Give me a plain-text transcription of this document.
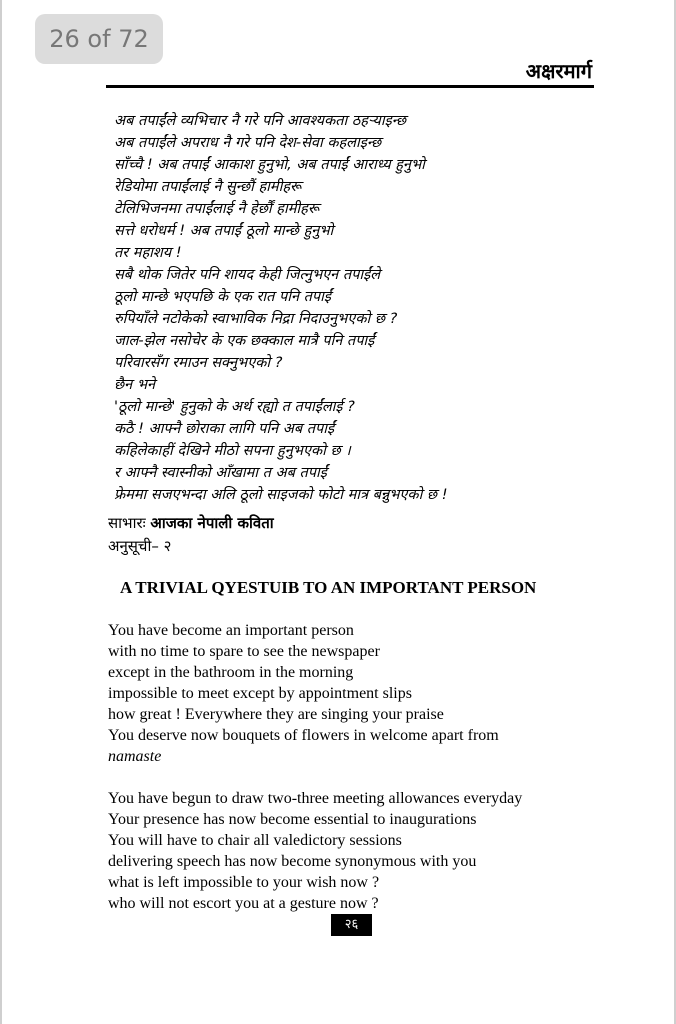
26 of 72
अक्षरमार्ग
अब तपाईंले व्यभिचार नै गरे पनि आवश्यकता ठहऱ्याइन्छ
अब तपाईंले अपराध नै गरे पनि देश-सेवा कहलाइन्छ
साँच्चै ! अब तपाईं आकाश हुनुभो, अब तपाईं आराध्य हुनुभो
रेडियोमा तपाईंलाई नै सुन्छौं हामीहरू
टेलिभिजनमा तपाईंलाई नै हेर्छौं हामीहरू
सत्ते धरोधर्म ! अब तपाईं ठूलो मान्छे हुनुभो
तर महाशय !
सबै थोक जितेर पनि शायद केही जित्नुभएन तपाईंले
ठूलो मान्छे भएपछि के एक रात पनि तपाईं
रुपियाँले नटोकेको स्वाभाविक निद्रा निदाउनुभएको छ ?
जाल-झेल नसोचेर के एक छक्काल मात्रै पनि तपाईं
परिवारसँग रमाउन सक्नुभएको ?
छैन भने
'ठूलो मान्छे' हुनुको के अर्थ रह्यो त तपाईंलाई ?
कठै ! आफ्नै छोराका लागि पनि अब तपाईं
कहिलेकाहीं देखिने मीठो सपना हुनुभएको छ ।
र आफ्नै स्वास्नीको आँखामा त अब तपाईं
फ्रेममा सजएभन्दा अलि ठूलो साइजको फोटो मात्र बन्नुभएको छ !
साभारः आजका नेपाली कविता
अनुसूची– २
A TRIVIAL QYESTUIB TO AN IMPORTANT PERSON
You have become an important person
with no time to spare to see the newspaper
except in the bathroom in the morning
impossible to meet except by appointment slips
how great ! Everywhere they are singing your praise
You deserve now bouquets of flowers in welcome apart from
namaste
You have begun to draw two-three meeting allowances everyday
Your presence has now become essential to inaugurations
You will have to chair all valedictory sessions
delivering speech has now become synonymous with you
what is left impossible to your wish now ?
who will not escort you at a gesture now ?
२६
